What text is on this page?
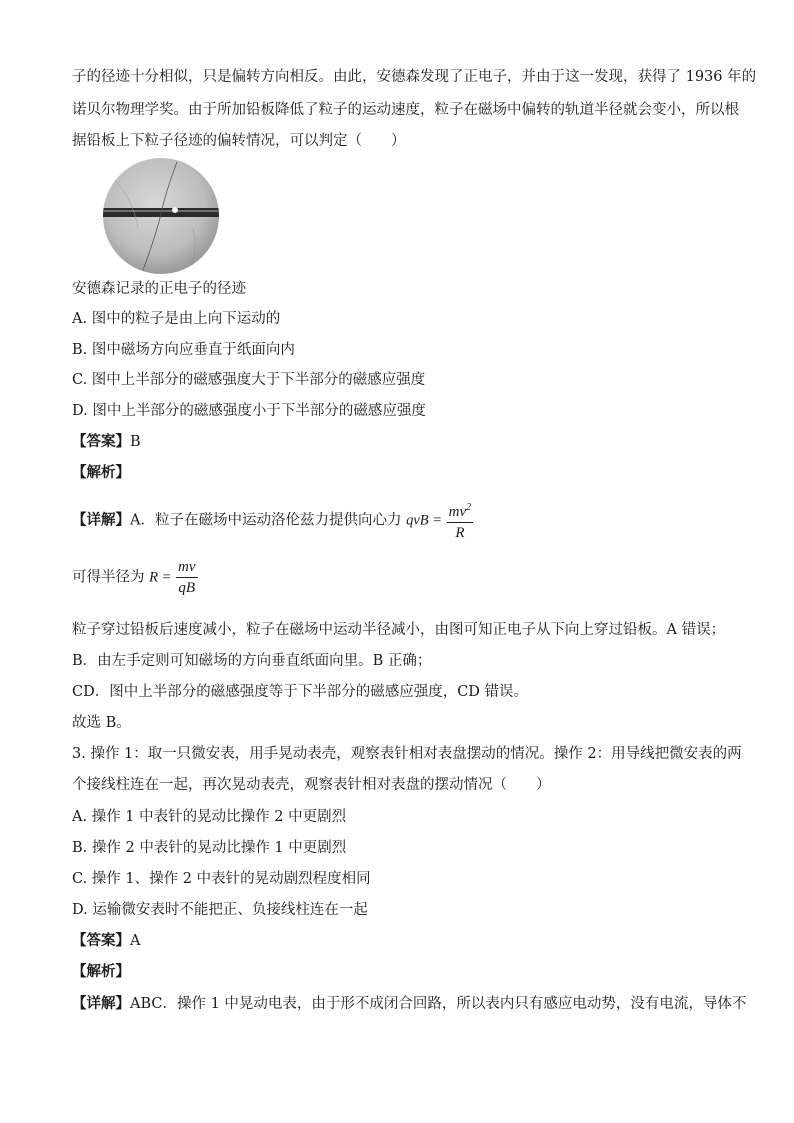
子的径迹十分相似，只是偏转方向相反。由此，安德森发现了正电子，并由于这一发现，获得了 1936 年的
诺贝尔物理学奖。由于所加铅板降低了粒子的运动速度，粒子在磁场中偏转的轨道半径就会变小，所以根
据铅板上下粒子径迹的偏转情况，可以判定（　　）
安德森记录的正电子的径迹
A. 图中的粒子是由上向下运动的
B. 图中磁场方向应垂直于纸面向内
C. 图中上半部分的磁感强度大于下半部分的磁感应强度
D. 图中上半部分的磁感强度小于下半部分的磁感应强度
【答案】B
【解析】
【详解】A．粒子在磁场中运动洛伦兹力提供向心力 qvB = $\frac{mv^2}{R}$
可得半径为 $R = \frac{mv}{qB}$
粒子穿过铅板后速度减小，粒子在磁场中运动半径减小，由图可知正电子从下向上穿过铅板。A 错误；
B．由左手定则可知磁场的方向垂直纸面向里。B 正确；
CD．图中上半部分的磁感强度等于下半部分的磁感应强度，CD 错误。
故选 B。
3. 操作 1：取一只微安表，用手晃动表壳，观察表针相对表盘摆动的情况。操作 2：用导线把微安表的两
个接线柱连在一起，再次晃动表壳，观察表针相对表盘的摆动情况（　　）
A. 操作 1 中表针的晃动比操作 2 中更剧烈
B. 操作 2 中表针的晃动比操作 1 中更剧烈
C. 操作 1、操作 2 中表针的晃动剧烈程度相同
D. 运输微安表时不能把正、负接线柱连在一起
【答案】A
【解析】
【详解】ABC．操作 1 中晃动电表，由于形不成闭合回路，所以表内只有感应电动势，没有电流，导体不
